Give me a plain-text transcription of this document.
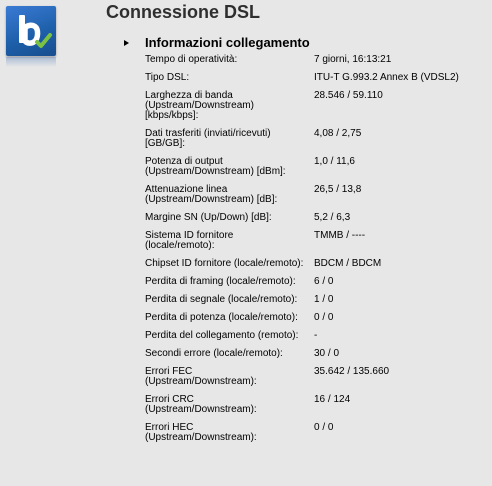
Connessione DSL
Informazioni collegamento
Tempo di operatività:	7 giorni, 16:13:21
Tipo DSL:	ITU-T G.993.2 Annex B (VDSL2)
Larghezza di banda
(Upstream/Downstream)
[kbps/kbps]:
28.546 / 59.110
Dati trasferiti (inviati/ricevuti)
[GB/GB]:
4,08 / 2,75
Potenza di output
(Upstream/Downstream) [dBm]:
1,0 / 11,6
Attenuazione linea
(Upstream/Downstream) [dB]:
26,5 / 13,8
Margine SN (Up/Down) [dB]:	5,2 / 6,3
Sistema ID fornitore
(locale/remoto):
TMMB / ----
Chipset ID fornitore (locale/remoto):	BDCM / BDCM
Perdita di framing (locale/remoto):	6 / 0
Perdita di segnale (locale/remoto):	1 / 0
Perdita di potenza (locale/remoto):	0 / 0
Perdita del collegamento (remoto):	-
Secondi errore (locale/remoto):	30 / 0
Errori FEC
(Upstream/Downstream):
35.642 / 135.660
Errori CRC
(Upstream/Downstream):
16 / 124
Errori HEC
(Upstream/Downstream):
0 / 0
